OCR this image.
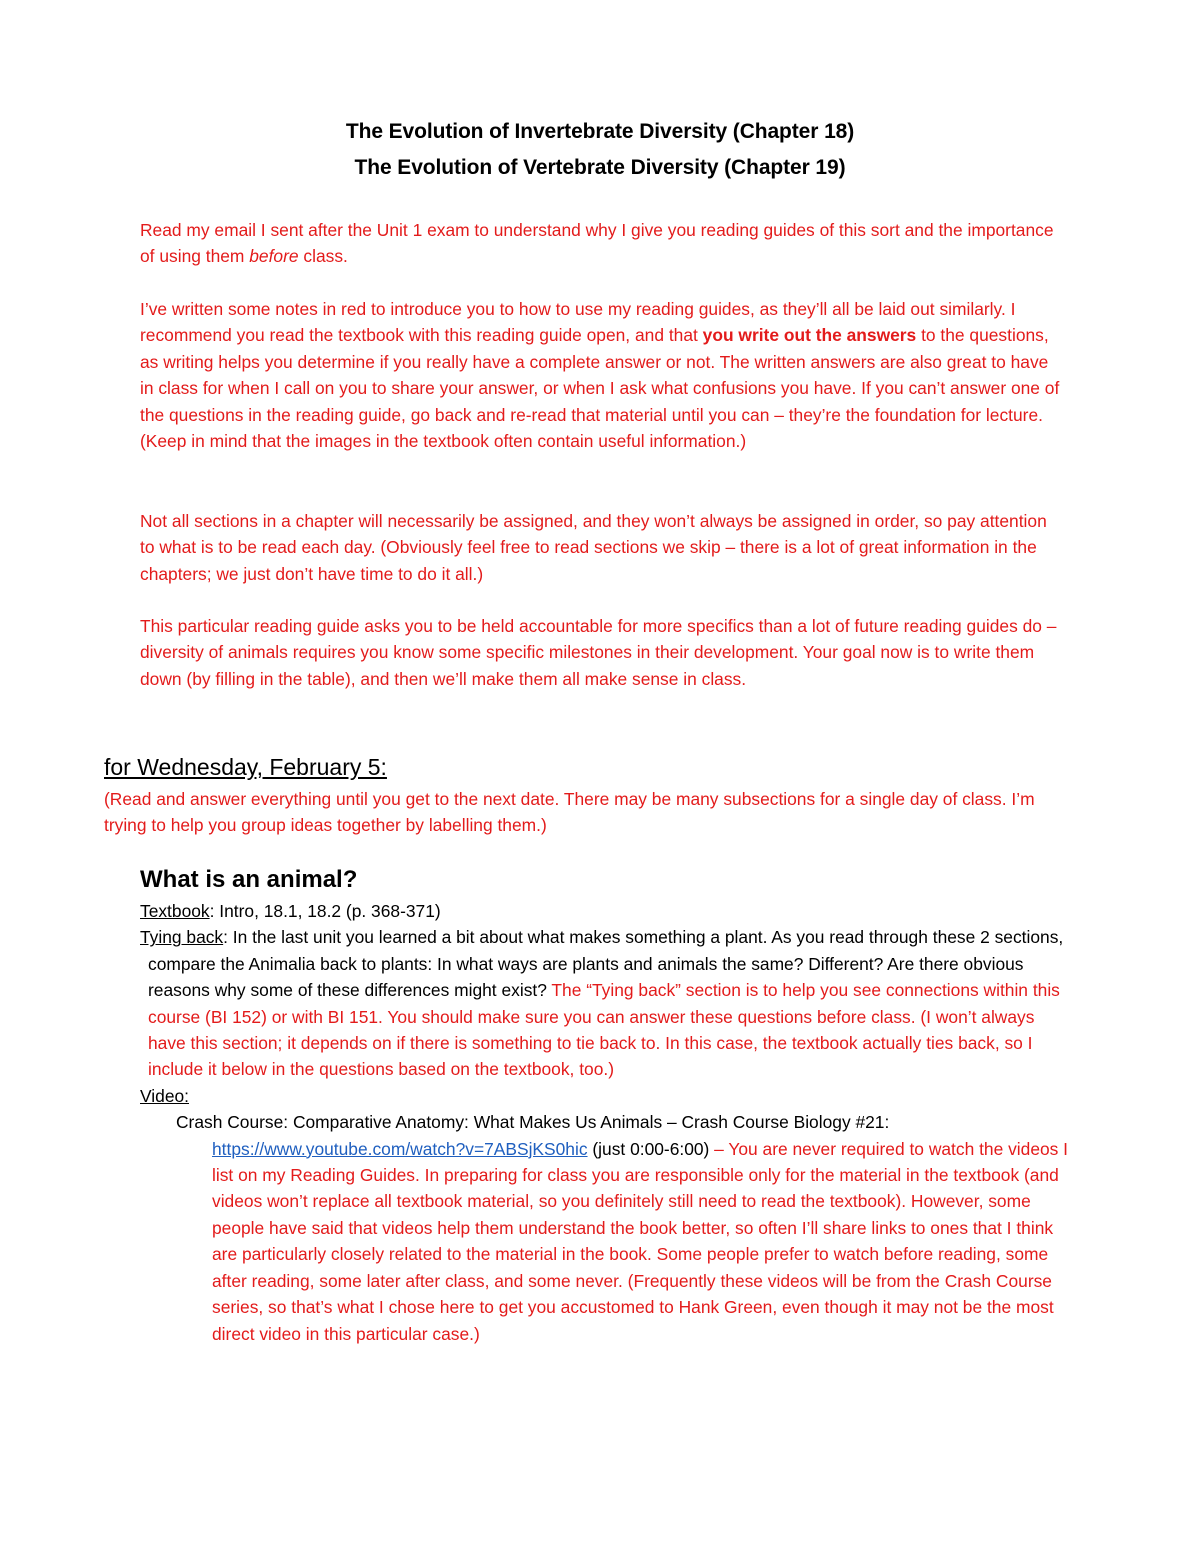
The Evolution of Invertebrate Diversity (Chapter 18)
The Evolution of Vertebrate Diversity (Chapter 19)

Read my email I sent after the Unit 1 exam to understand why I give you reading guides of this sort and the importance of using them before class.

I’ve written some notes in red to introduce you to how to use my reading guides, as they’ll all be laid out similarly. I recommend you read the textbook with this reading guide open, and that you write out the answers to the questions, as writing helps you determine if you really have a complete answer or not. The written answers are also great to have in class for when I call on you to share your answer, or when I ask what confusions you have. If you can’t answer one of the questions in the reading guide, go back and re-read that material until you can – they’re the foundation for lecture. (Keep in mind that the images in the textbook often contain useful information.)

Not all sections in a chapter will necessarily be assigned, and they won’t always be assigned in order, so pay attention to what is to be read each day. (Obviously feel free to read sections we skip – there is a lot of great information in the chapters; we just don’t have time to do it all.)

This particular reading guide asks you to be held accountable for more specifics than a lot of future reading guides do – diversity of animals requires you know some specific milestones in their development. Your goal now is to write them down (by filling in the table), and then we’ll make them all make sense in class.

for Wednesday, February 5:

(Read and answer everything until you get to the next date. There may be many subsections for a single day of class. I’m trying to help you group ideas together by labelling them.)

What is an animal?

Textbook: Intro, 18.1, 18.2 (p. 368-371)

Tying back: In the last unit you learned a bit about what makes something a plant. As you read through these 2 sections, compare the Animalia back to plants: In what ways are plants and animals the same? Different? Are there obvious reasons why some of these differences might exist? The “Tying back” section is to help you see connections within this course (BI 152) or with BI 151. You should make sure you can answer these questions before class. (I won’t always have this section; it depends on if there is something to tie back to. In this case, the textbook actually ties back, so I include it below in the questions based on the textbook, too.)

Video:

Crash Course: Comparative Anatomy: What Makes Us Animals – Crash Course Biology #21:

https://www.youtube.com/watch?v=7ABSjKS0hic (just 0:00-6:00) – You are never required to watch the videos I list on my Reading Guides. In preparing for class you are responsible only for the material in the textbook (and videos won’t replace all textbook material, so you definitely still need to read the textbook). However, some people have said that videos help them understand the book better, so often I’ll share links to ones that I think are particularly closely related to the material in the book. Some people prefer to watch before reading, some after reading, some later after class, and some never. (Frequently these videos will be from the Crash Course series, so that’s what I chose here to get you accustomed to Hank Green, even though it may not be the most direct video in this particular case.)
